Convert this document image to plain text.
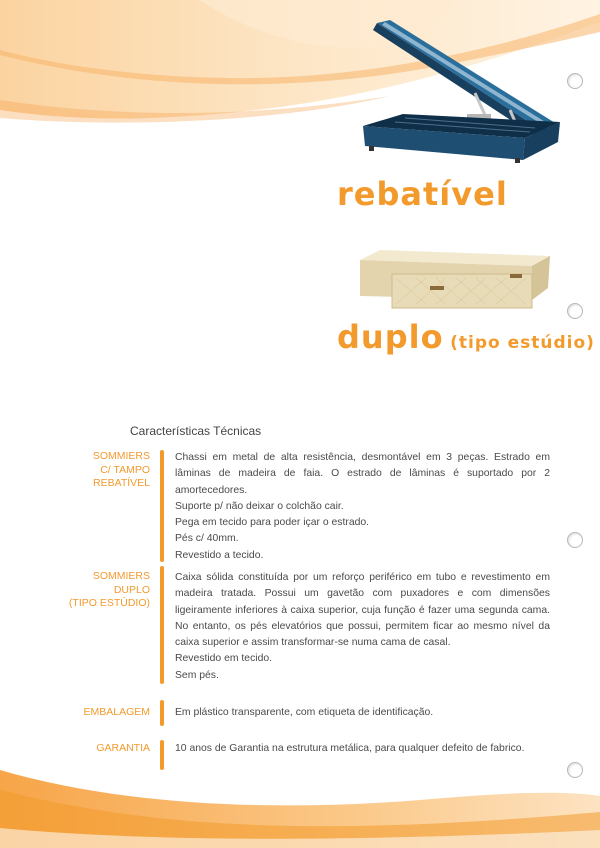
rebatível
duplo (tipo estúdio)
Características Técnicas
SOMMIERS
C/ TAMPO
REBATÍVEL

Chassi em metal de alta resistência, desmontável em 3 peças. Estrado em lâminas de madeira de faia. O estrado de lâminas é suportado por 2 amortecedores.

Suporte p/ não deixar o colchão cair.

Pega em tecido para poder içar o estrado.

Pés c/ 40mm.

Revestido a tecido.

SOMMIERS
DUPLO
(TIPO ESTÚDIO)

Caixa sólida constituída por um reforço periférico em tubo e revestimento em madeira tratada. Possui um gavetão com puxadores e com dimensões ligeiramente inferiores à caixa superior, cuja função é fazer uma segunda cama. No entanto, os pés elevatórios que possui, permitem ficar ao mesmo nível da caixa superior e assim transformar-se numa cama de casal.

Revestido em tecido.

Sem pés.

EMBALAGEM Em plástico transparente, com etiqueta de identificação.

GARANTIA 10 anos de Garantia na estrutura metálica, para qualquer defeito de fabrico.
